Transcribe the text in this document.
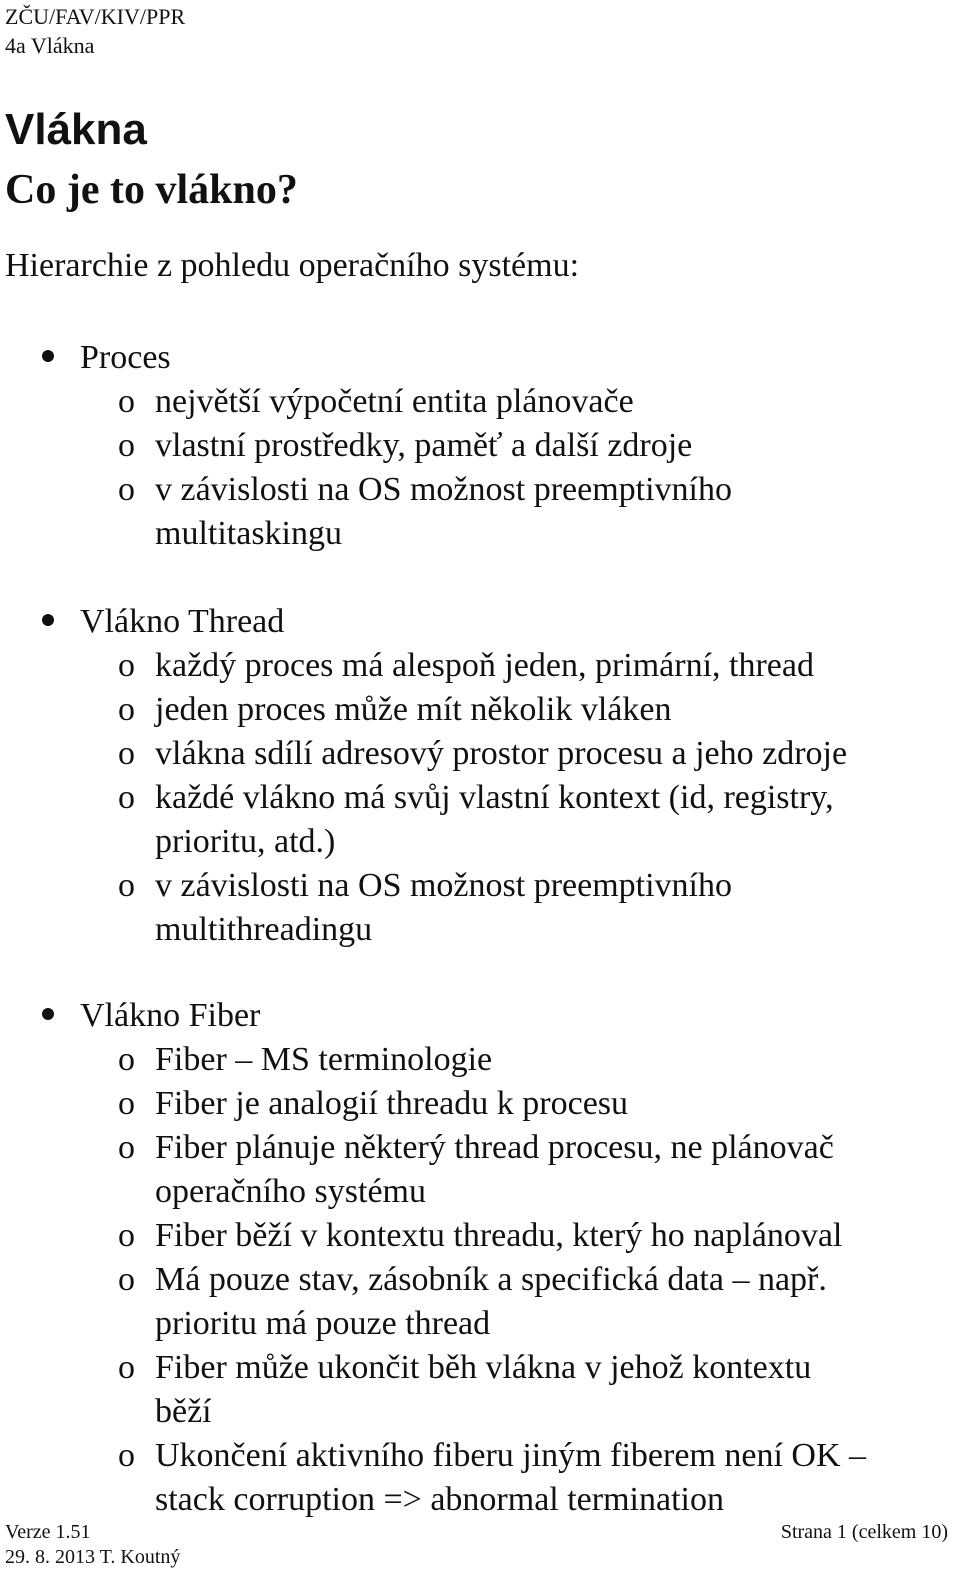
ZČU/FAV/KIV/PPR
4a Vlákna
Vlákna
Co je to vlákno?
Hierarchie z pohledu operačního systému:
Proces
o největší výpočetní entita plánovače
o vlastní prostředky, paměť a další zdroje
o v závislosti na OS možnost preemptivního
multitaskingu
Vlákno Thread
o každý proces má alespoň jeden, primární, thread
o jeden proces může mít několik vláken
o vlákna sdílí adresový prostor procesu a jeho zdroje
o každé vlákno má svůj vlastní kontext (id, registry,
prioritu, atd.)
o v závislosti na OS možnost preemptivního
multithreadingu
Vlákno Fiber
o Fiber – MS terminologie
o Fiber je analogií threadu k procesu
o Fiber plánuje některý thread procesu, ne plánovač
operačního systému
o Fiber běží v kontextu threadu, který ho naplánoval
o Má pouze stav, zásobník a specifická data – např.
prioritu má pouze thread
o Fiber může ukončit běh vlákna v jehož kontextu
běží
o Ukončení aktivního fiberu jiným fiberem není OK –
stack corruption => abnormal termination
Verze 1.51
29. 8. 2013 T. Koutný
Strana 1 (celkem 10)
